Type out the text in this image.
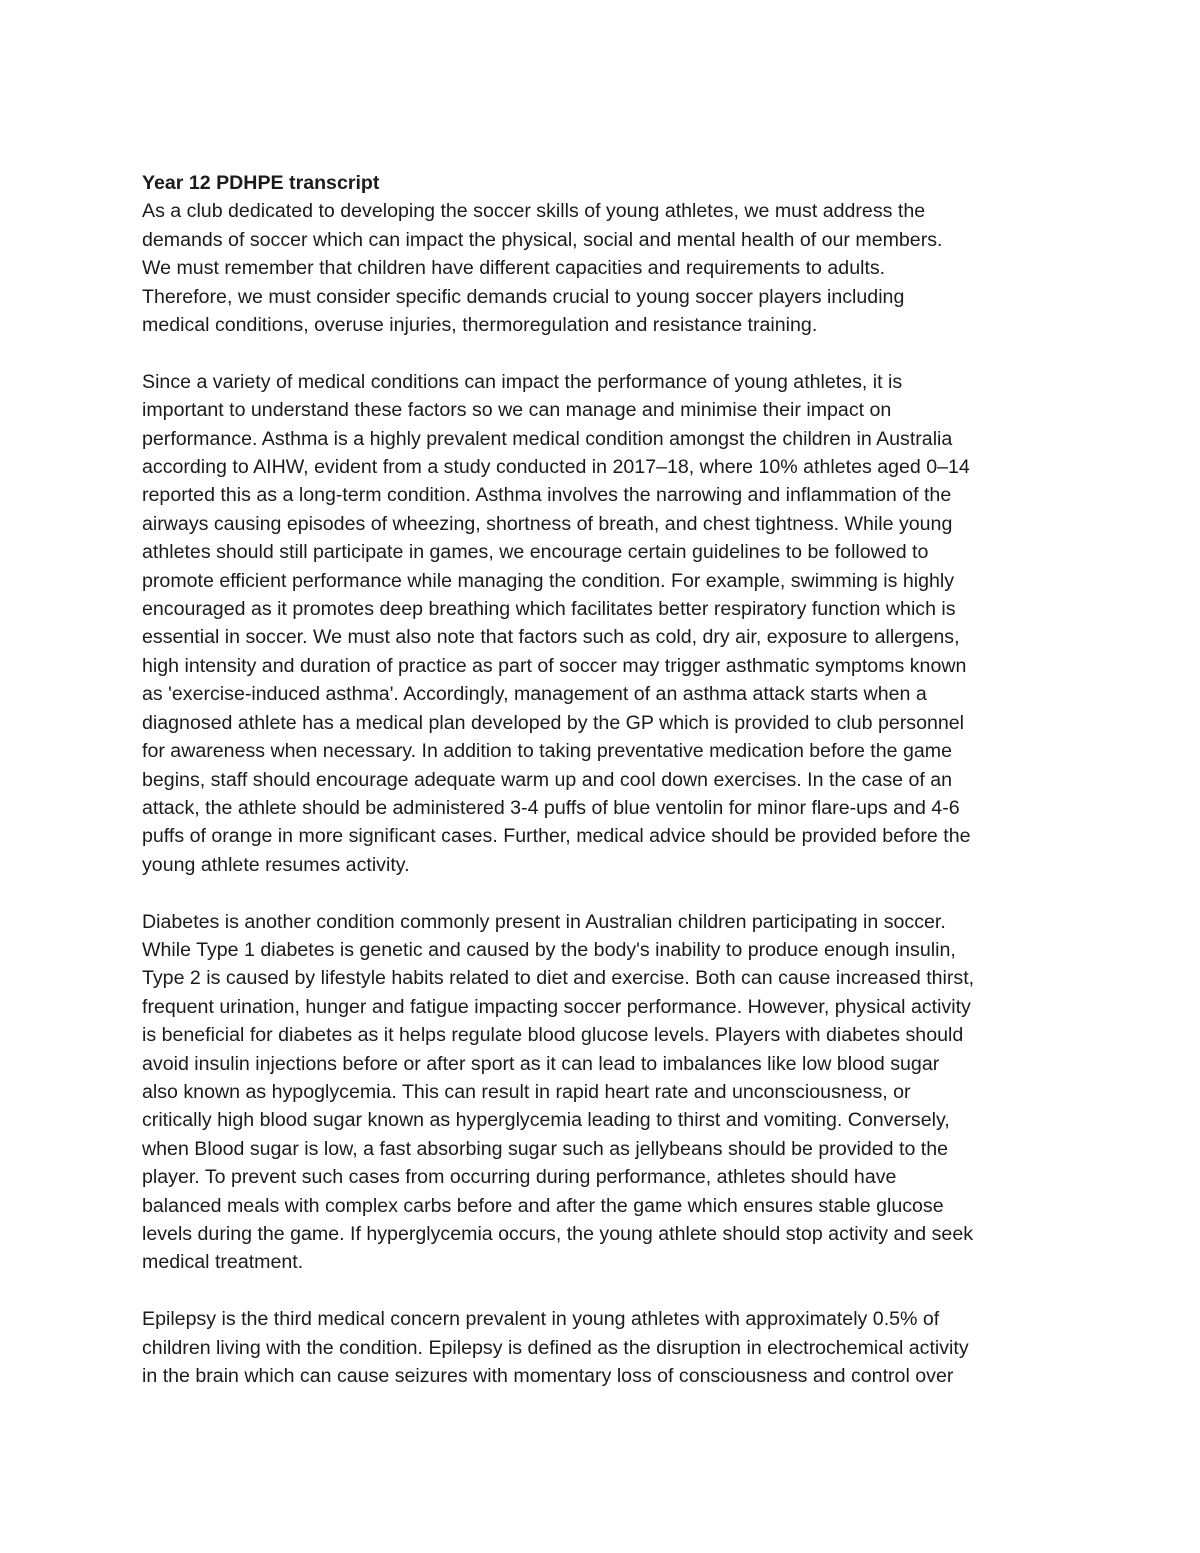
Year 12 PDHPE transcript
As a club dedicated to developing the soccer skills of young athletes, we must address the
demands of soccer which can impact the physical, social and mental health of our members.
We must remember that children have different capacities and requirements to adults.
Therefore, we must consider specific demands crucial to young soccer players including
medical conditions, overuse injuries, thermoregulation and resistance training.
Since a variety of medical conditions can impact the performance of young athletes, it is
important to understand these factors so we can manage and minimise their impact on
performance. Asthma is a highly prevalent medical condition amongst the children in Australia
according to AIHW, evident from a study conducted in 2017–18, where 10% athletes aged 0–14
reported this as a long-term condition. Asthma involves the narrowing and inflammation of the
airways causing episodes of wheezing, shortness of breath, and chest tightness. While young
athletes should still participate in games, we encourage certain guidelines to be followed to
promote efficient performance while managing the condition. For example, swimming is highly
encouraged as it promotes deep breathing which facilitates better respiratory function which is
essential in soccer. We must also note that factors such as cold, dry air, exposure to allergens,
high intensity and duration of practice as part of soccer may trigger asthmatic symptoms known
as 'exercise-induced asthma'. Accordingly, management of an asthma attack starts when a
diagnosed athlete has a medical plan developed by the GP which is provided to club personnel
for awareness when necessary. In addition to taking preventative medication before the game
begins, staff should encourage adequate warm up and cool down exercises. In the case of an
attack, the athlete should be administered 3-4 puffs of blue ventolin for minor flare-ups and 4-6
puffs of orange in more significant cases. Further, medical advice should be provided before the
young athlete resumes activity.
Diabetes is another condition commonly present in Australian children participating in soccer.
While Type 1 diabetes is genetic and caused by the body's inability to produce enough insulin,
Type 2 is caused by lifestyle habits related to diet and exercise. Both can cause increased thirst,
frequent urination, hunger and fatigue impacting soccer performance. However, physical activity
is beneficial for diabetes as it helps regulate blood glucose levels. Players with diabetes should
avoid insulin injections before or after sport as it can lead to imbalances like low blood sugar
also known as hypoglycemia. This can result in rapid heart rate and unconsciousness, or
critically high blood sugar known as hyperglycemia leading to thirst and vomiting. Conversely,
when Blood sugar is low, a fast absorbing sugar such as jellybeans should be provided to the
player. To prevent such cases from occurring during performance, athletes should have
balanced meals with complex carbs before and after the game which ensures stable glucose
levels during the game. If hyperglycemia occurs, the young athlete should stop activity and seek
medical treatment.
Epilepsy is the third medical concern prevalent in young athletes with approximately 0.5% of
children living with the condition. Epilepsy is defined as the disruption in electrochemical activity
in the brain which can cause seizures with momentary loss of consciousness and control over
